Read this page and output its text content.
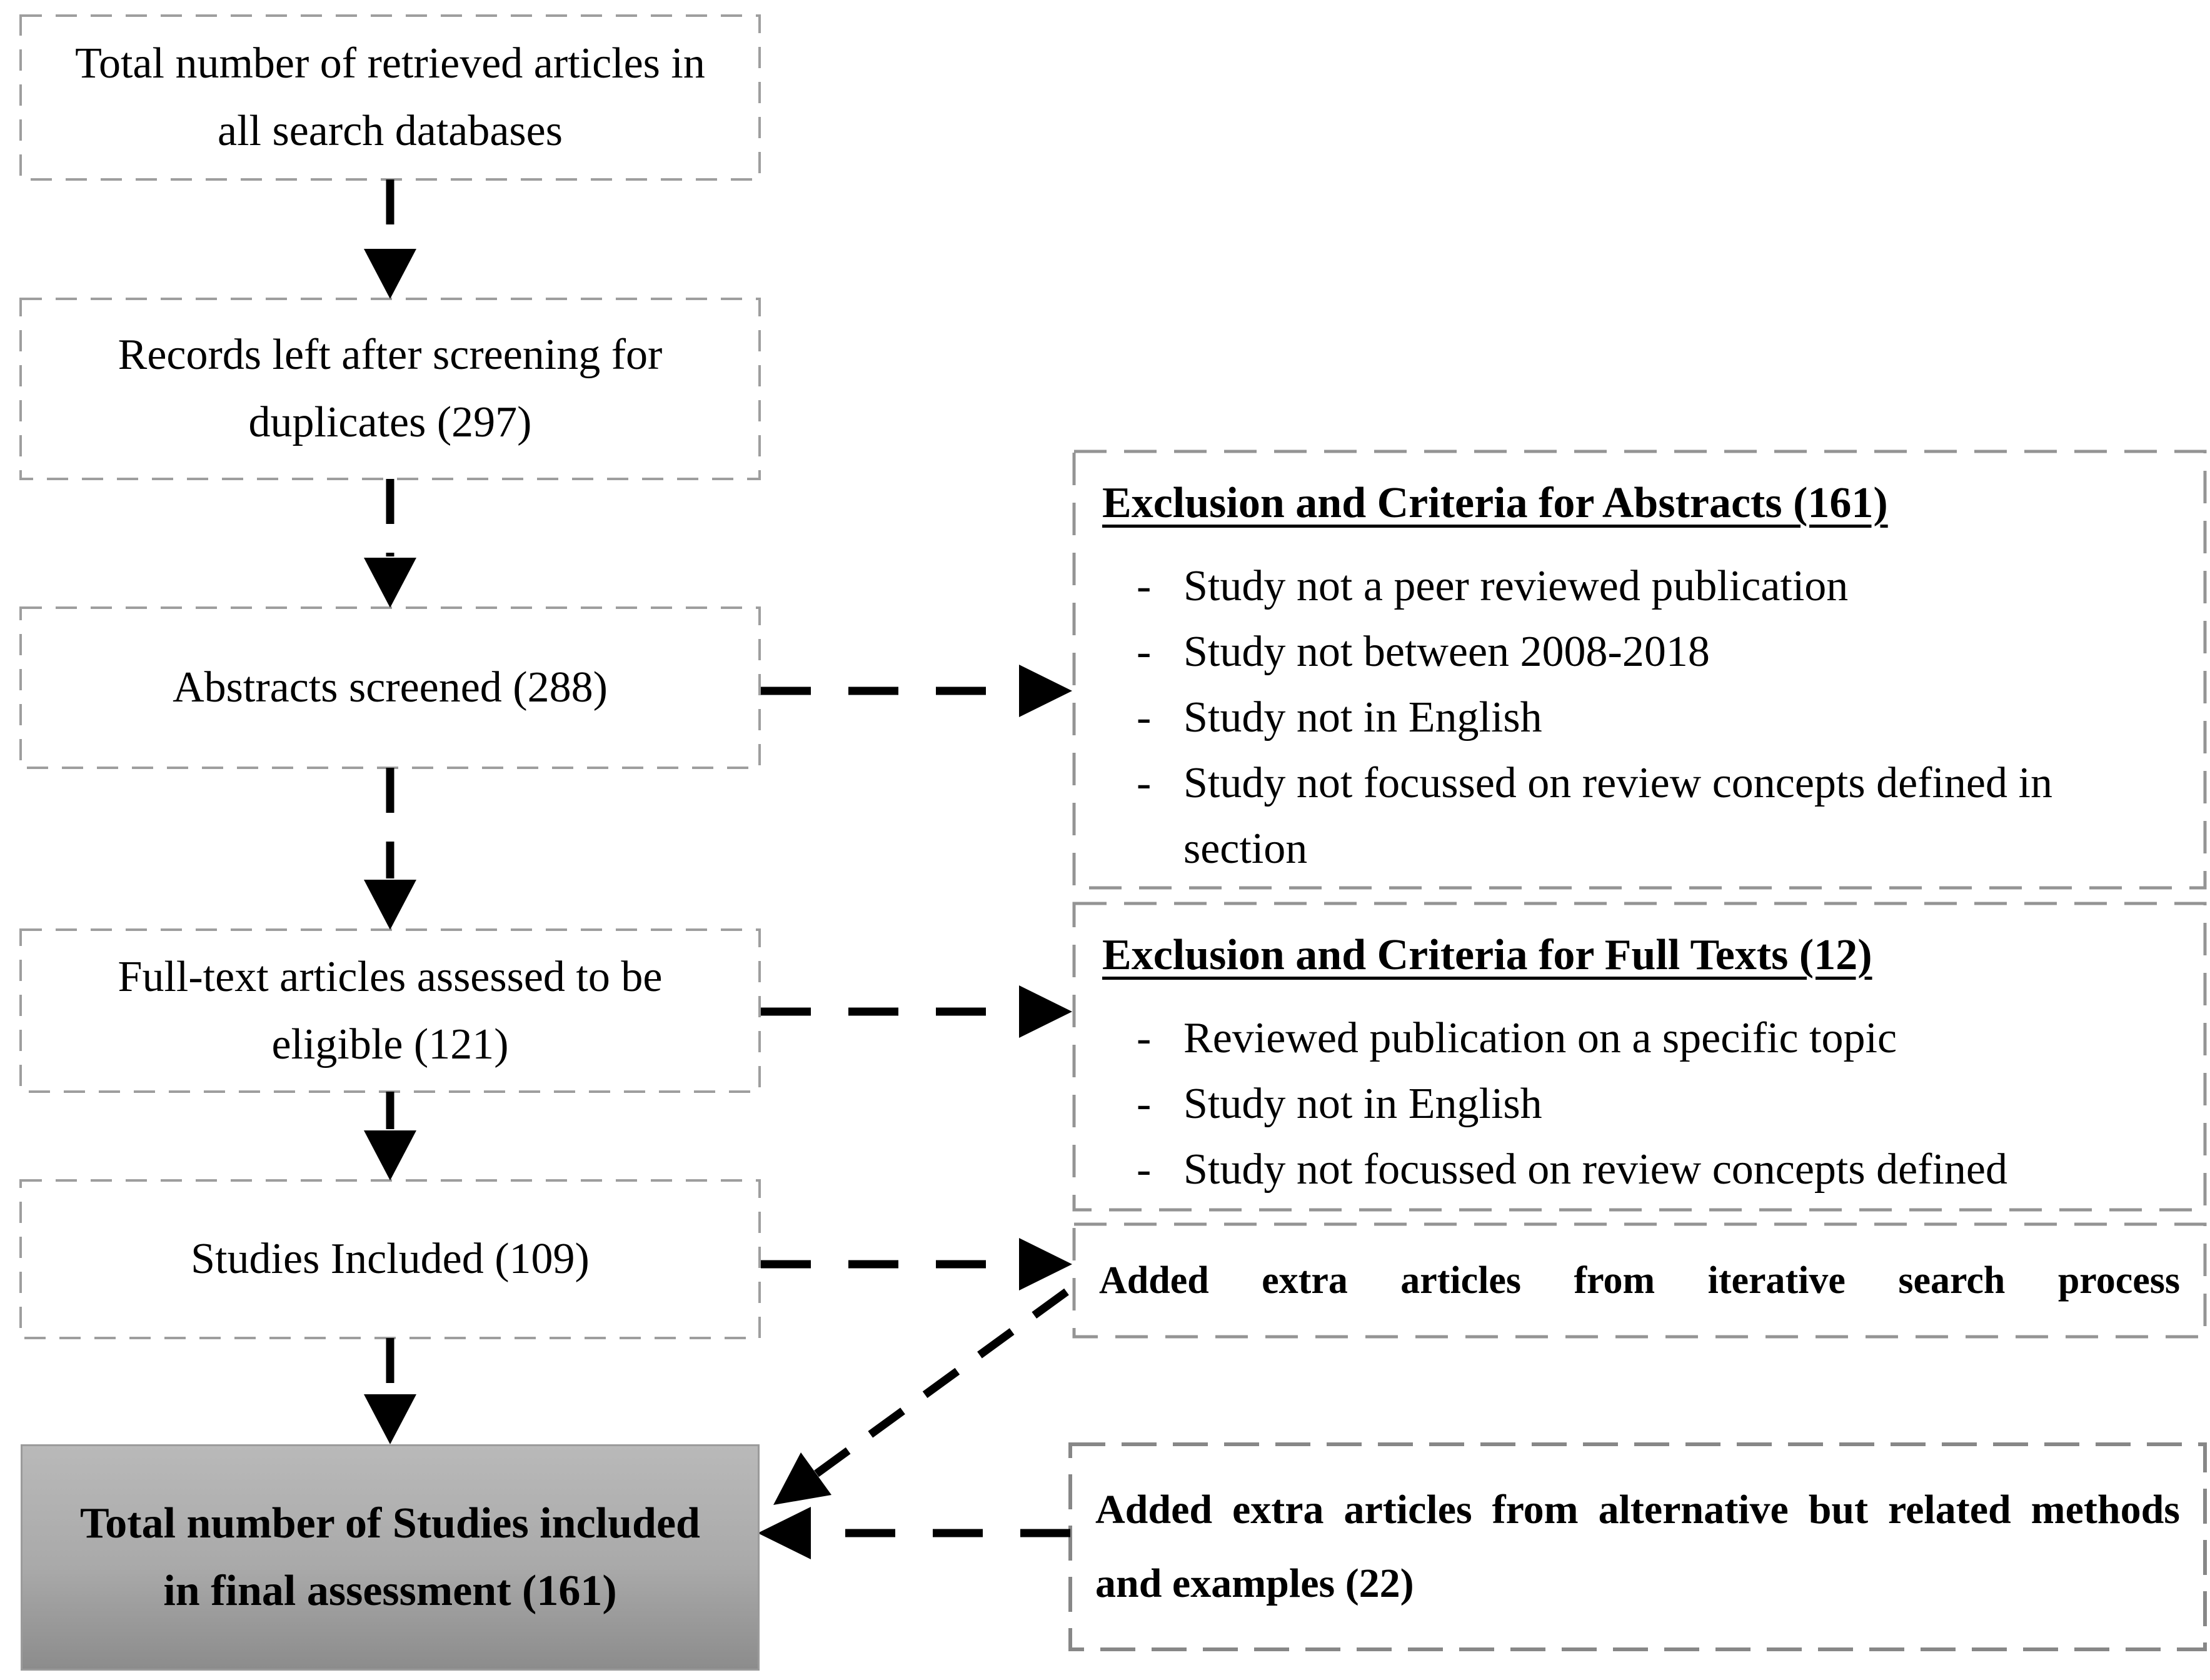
Total number of retrieved articles in all search databases
Records left after screening for duplicates (297)
Abstracts screened (288)
Full-text articles assessed to be eligible (121)
Studies Included (109)
Total number of Studies included in final assessment (161)
Exclusion and Criteria for Abstracts (161)
- Study not a peer reviewed publication
- Study not between 2008-2018
- Study not in English
- Study not focussed on review concepts defined in section
Exclusion and Criteria for Full Texts (12)
- Reviewed publication on a specific topic
- Study not in English
- Study not focussed on review concepts defined
Added extra articles from iterative search process
Added extra articles from alternative but related methods and examples (22)
